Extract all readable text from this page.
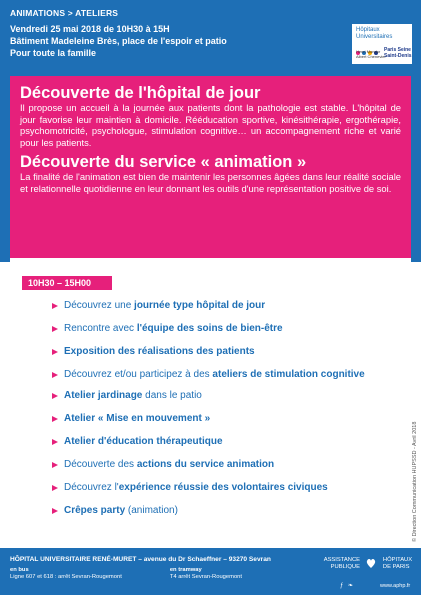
ANIMATIONS > ATELIERS
Vendredi 25 mai 2018 de 10H30 à 15H
Bâtiment Madeleine Brès, place de l'espoir et patio
Pour toute la famille
Hôpitaux
Universitaires
Henri Mondor
Albert Chenevier
Paris Seine
Saint-Denis
Découverte de l'hôpital de jour

Il propose un accueil à la journée aux patients dont la pathologie est stable. L'hôpital de jour favorise leur maintien à domicile. Rééducation sportive, kinésithérapie, ergothérapie, psychomotricité, psychologue, stimulation cognitive… un accompagnement riche et varié pour les patients.

Découverte du service « animation »

La finalité de l'animation est bien de maintenir les personnes âgées dans leur réalité sociale et relationnelle quotidienne en leur donnant les outils d'une représentation positive de soi.

10H30 – 15H00
Découvrez une journée type hôpital de jour
Rencontre avec l'équipe des soins de bien-être
Exposition des réalisations des patients
Découvrez et/ou participez à des ateliers de stimulation cognitive
Atelier jardinage dans le patio
Atelier « Mise en mouvement »
Atelier d'éducation thérapeutique
Découverte des actions du service animation
Découvrez l'expérience réussie des volontaires civiques
Crêpes party (animation)	© Direction Communication HUPSSD - Avril 2018
HÔPITAL UNIVERSITAIRE RENÉ-MURET – avenue du Dr Schaeffner – 93270 Sevran
en bus
Ligne 607 et 618 : arrêt Sevran-Rougemont
en tramway
T4 arrêt Sevran-Rougemont
ASSISTANCE
PUBLIQUE

HÔPITAUX
DE PARIS
ƒ ❧	www.aphp.fr
